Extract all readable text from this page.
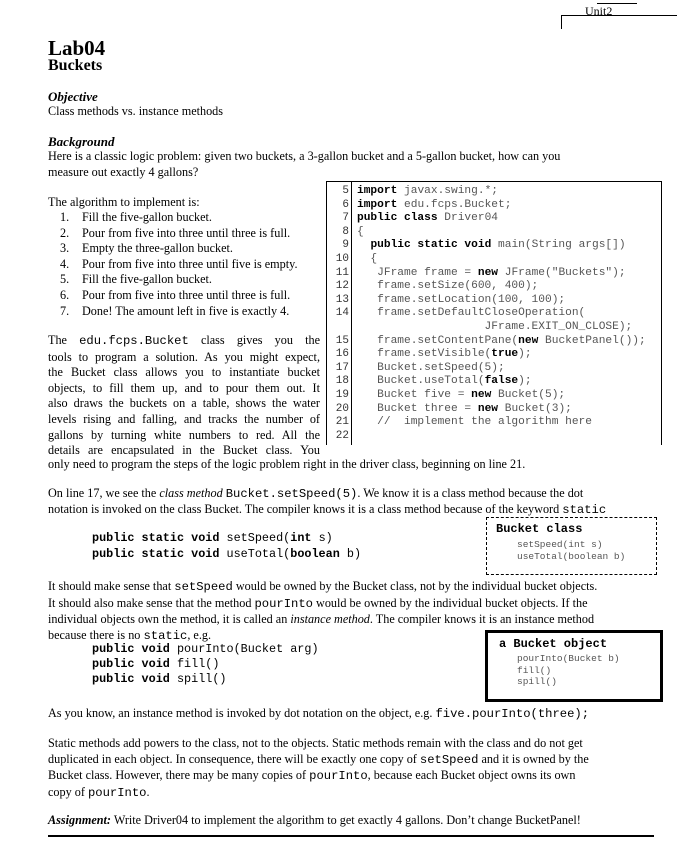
Unit2
Lab04
Buckets
Objective
Class methods vs. instance methods
Background
Here is a classic logic problem: given two buckets, a 3-gallon bucket and a 5-gallon bucket, how can you
measure out exactly 4 gallons?
The algorithm to implement is:
1. Fill the five-gallon bucket.
2. Pour from five into three until three is full.
3. Empty the three-gallon bucket.
4. Pour from five into three until five is empty.
5. Fill the five-gallon bucket.
6. Pour from five into three until three is full.
7. Done! The amount left in five is exactly 4.
5 import javax.swing.*;
6 import edu.fcps.Bucket;
7 public class Driver04
8 {
9	public static void main(String args[])
10 {
11 JFrame frame = new JFrame("Buckets");
12 frame.setSize(600, 400);
13 frame.setLocation(100, 100);
14 frame.setDefaultCloseOperation(
JFrame.EXIT_ON_CLOSE);
15 frame.setContentPane(new BucketPanel());
16 frame.setVisible(true);
17 Bucket.setSpeed(5);
18 Bucket.useTotal(false);
19 Bucket five = new Bucket(5);
20 Bucket three = new Bucket(3);
21 //  implement the algorithm here
22
The edu.fcps.Bucket class gives you the
tools to program a solution. As you might expect,
the Bucket class allows you to instantiate bucket
objects, to fill them up, and to pour them out. It
also draws the buckets on a table, shows the water
levels rising and falling, and tracks the number of
gallons by turning white numbers to red. All the
details are encapsulated in the Bucket class. You
only need to program the steps of the logic problem right in the driver class, beginning on line 21.
On line 17, we see the class method Bucket.setSpeed(5). We know it is a class method because the dot
notation is invoked on the class Bucket. The compiler knows it is a class method because of the keyword static
public static void setSpeed(int s)
public static void useTotal(boolean b)
Bucket class
setSpeed(int s)
useTotal(boolean b)
It should make sense that setSpeed would be owned by the Bucket class, not by the individual bucket objects.
It should also make sense that the method pourInto would be owned by the individual bucket objects. If the
individual objects own the method, it is called an instance method. The compiler knows it is an instance method
because there is no static, e.g.
public void pourInto(Bucket arg)
public void fill()
public void spill()
a Bucket object
pourInto(Bucket b)
fill()
spill()
As you know, an instance method is invoked by dot notation on the object, e.g. five.pourInto(three);
Static methods add powers to the class, not to the objects. Static methods remain with the class and do not get
duplicated in each object. In consequence, there will be exactly one copy of setSpeed and it is owned by the
Bucket class. However, there may be many copies of pourInto, because each Bucket object owns its own
copy of pourInto.
Assignment: Write Driver04 to implement the algorithm to get exactly 4 gallons. Don’t change BucketPanel!
